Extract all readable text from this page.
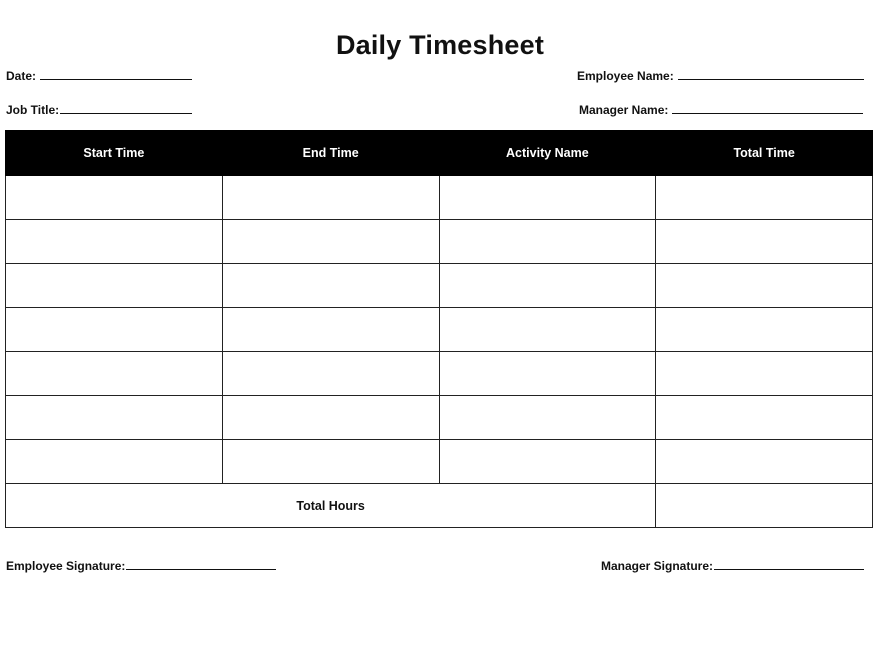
Daily Timesheet
Date:
Job Title:
Employee Name:
Manager Name:
Start Time	End Time	Activity Name	Total Time

Total Hours			
Employee Signature:	Manager Signature:
